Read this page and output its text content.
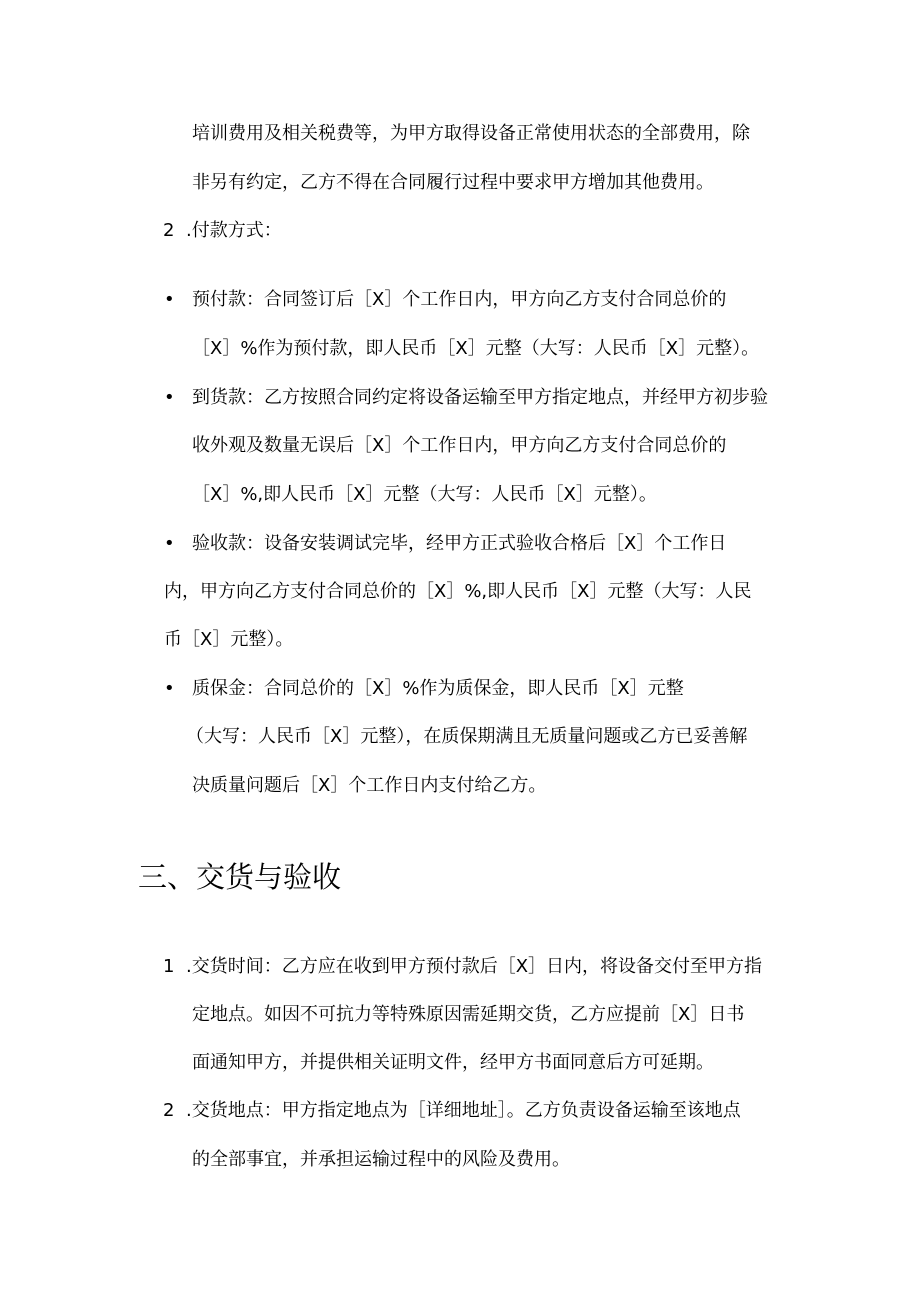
培训费用及相关税费等，为甲方取得设备正常使用状态的全部费用，除
非另有约定，乙方不得在合同履行过程中要求甲方增加其他费用。
2 .付款方式：
• 预付款：合同签订后［X］个工作日内，甲方向乙方支付合同总价的
［X］%作为预付款，即人民币［X］元整（大写：人民币［X］元整）。
• 到货款：乙方按照合同约定将设备运输至甲方指定地点，并经甲方初步验
收外观及数量无误后［X］个工作日内，甲方向乙方支付合同总价的
［X］%,即人民币［X］元整（大写：人民币［X］元整）。
• 验收款：设备安装调试完毕，经甲方正式验收合格后［X］个工作日
内，甲方向乙方支付合同总价的［X］%,即人民币［X］元整（大写：人民
币［X］元整）。
• 质保金：合同总价的［X］%作为质保金，即人民币［X］元整
（大写：人民币［X］元整），在质保期满且无质量问题或乙方已妥善解
决质量问题后［X］个工作日内支付给乙方。
三、交货与验收
1 .交货时间：乙方应在收到甲方预付款后［X］日内，将设备交付至甲方指
定地点。如因不可抗力等特殊原因需延期交货，乙方应提前［X］日书
面通知甲方，并提供相关证明文件，经甲方书面同意后方可延期。
2 .交货地点：甲方指定地点为［详细地址］。乙方负责设备运输至该地点
的全部事宜，并承担运输过程中的风险及费用。
